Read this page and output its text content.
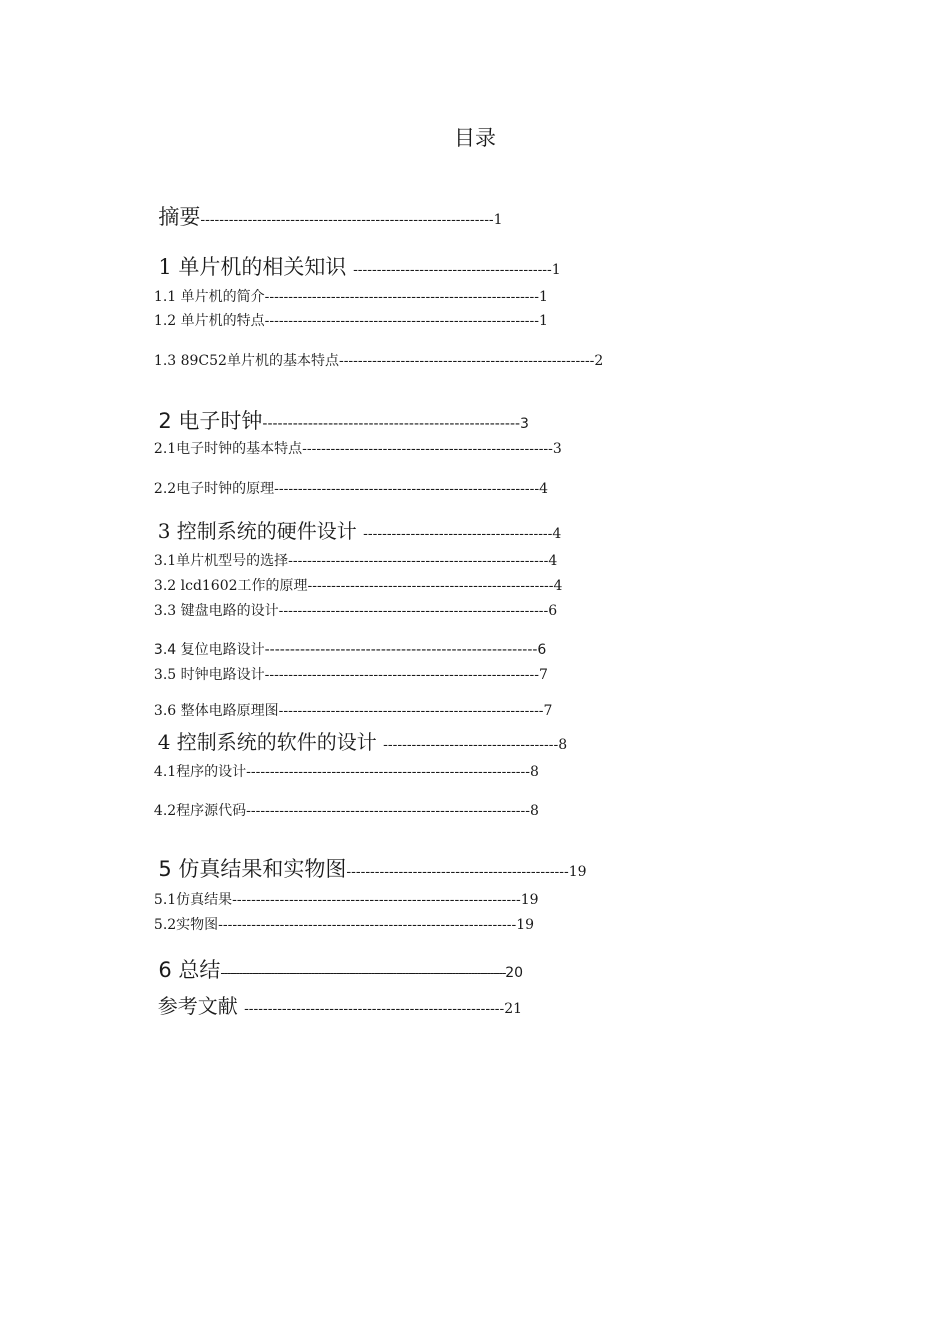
目录

摘要--------------------------------------------------------------1

1 单片机的相关知识 ------------------------------------------1

1.1 单片机的简介----------------------------------------------------------1

1.2 单片机的特点----------------------------------------------------------1

1.3 89C52单片机的基本特点------------------------------------------------------2

2 电子时钟---------------------------------------------------3

2.1电子时钟的基本特点-----------------------------------------------------3

2.2电子时钟的原理--------------------------------------------------------4

3 控制系统的硬件设计 ----------------------------------------4

3.1单片机型号的选择-------------------------------------------------------4

3.2 lcd1602工作的原理----------------------------------------------------4

3.3 键盘电路的设计---------------------------------------------------------6

3.4 复位电路设计------------------------------------------------------6

3.5 时钟电路设计----------------------------------------------------------7

3.6 整体电路原理图--------------------------------------------------------7

4 控制系统的软件的设计 -------------------------------------8

4.1程序的设计------------------------------------------------------------8

4.2程序源代码------------------------------------------------------------8

5 仿真结果和实物图-----------------------------------------------19

5.1仿真结果-------------------------------------------------------------19

5.2实物图---------------------------------------------------------------19

6 总结-------------------------------------------------------------------------------------------20

参考文献 -------------------------------------------------------21
